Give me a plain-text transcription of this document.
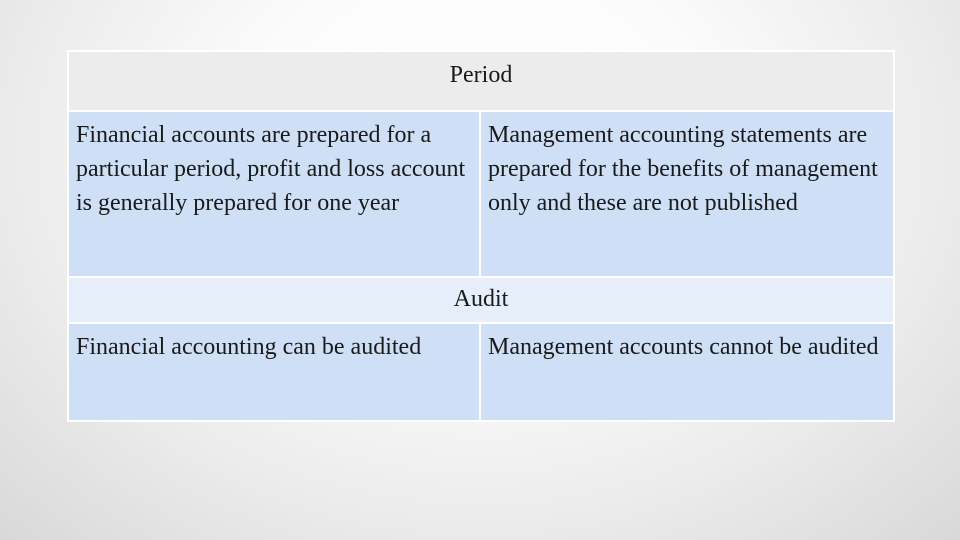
Period	
Financial accounts are prepared for a particular period, profit and loss account is generally prepared for one year	Management accounting statements are prepared for the benefits of management only and these are not published
Audit	
Financial accounting can be audited	Management accounts cannot be audited
